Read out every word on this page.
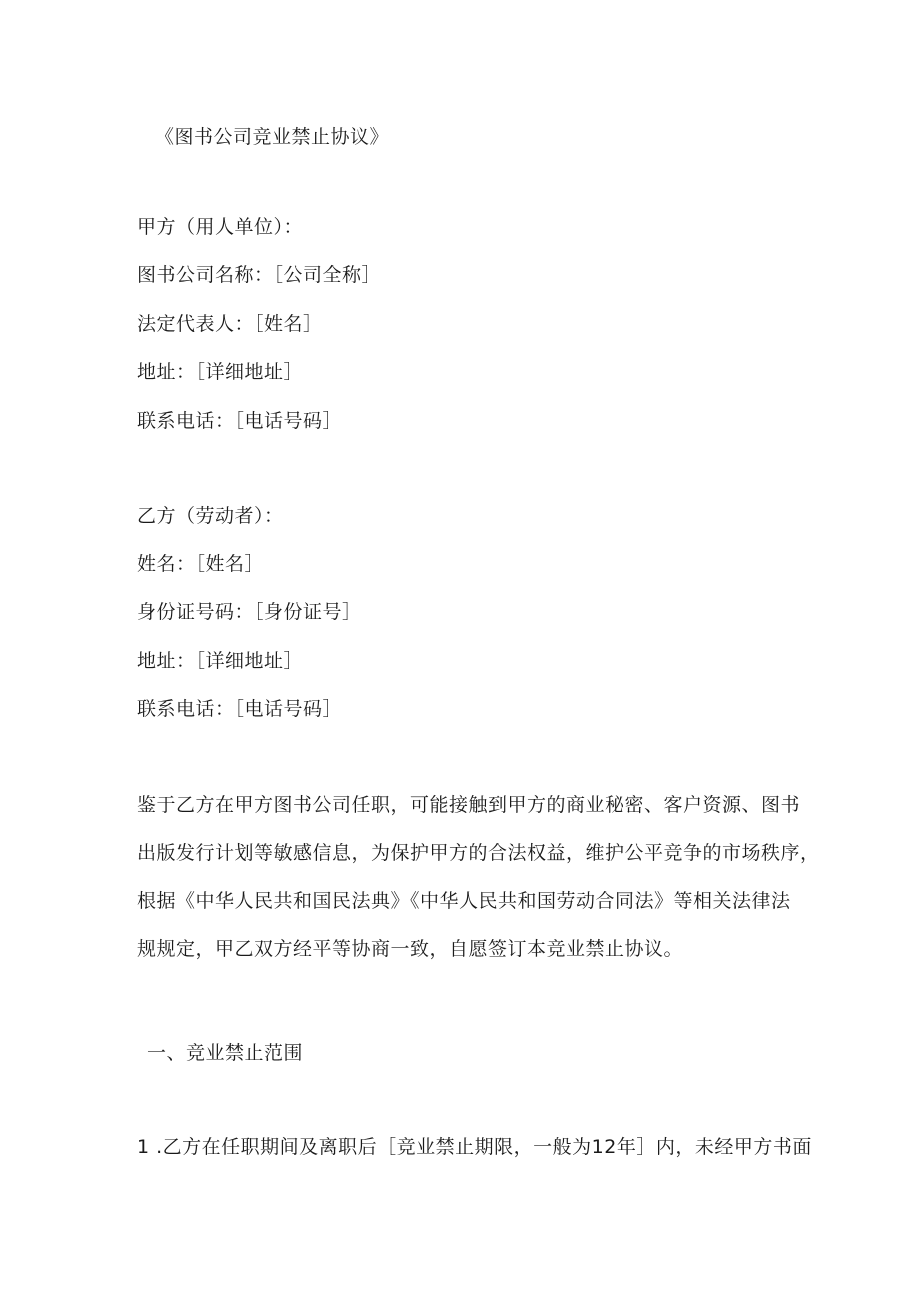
《图书公司竞业禁止协议》
甲方（用人单位）：
图书公司名称：［公司全称］
法定代表人：［姓名］
地址：［详细地址］
联系电话：［电话号码］
乙方（劳动者）：
姓名：［姓名］
身份证号码：［身份证号］
地址：［详细地址］
联系电话：［电话号码］
鉴于乙方在甲方图书公司任职，可能接触到甲方的商业秘密、客户资源、图书
出版发行计划等敏感信息，为保护甲方的合法权益，维护公平竞争的市场秩序，
根据《中华人民共和国民法典》《中华人民共和国劳动合同法》等相关法律法
规规定，甲乙双方经平等协商一致，自愿签订本竞业禁止协议。
一、竞业禁止范围
1 .乙方在任职期间及离职后［竞业禁止期限，一般为12年］内，未经甲方书面
